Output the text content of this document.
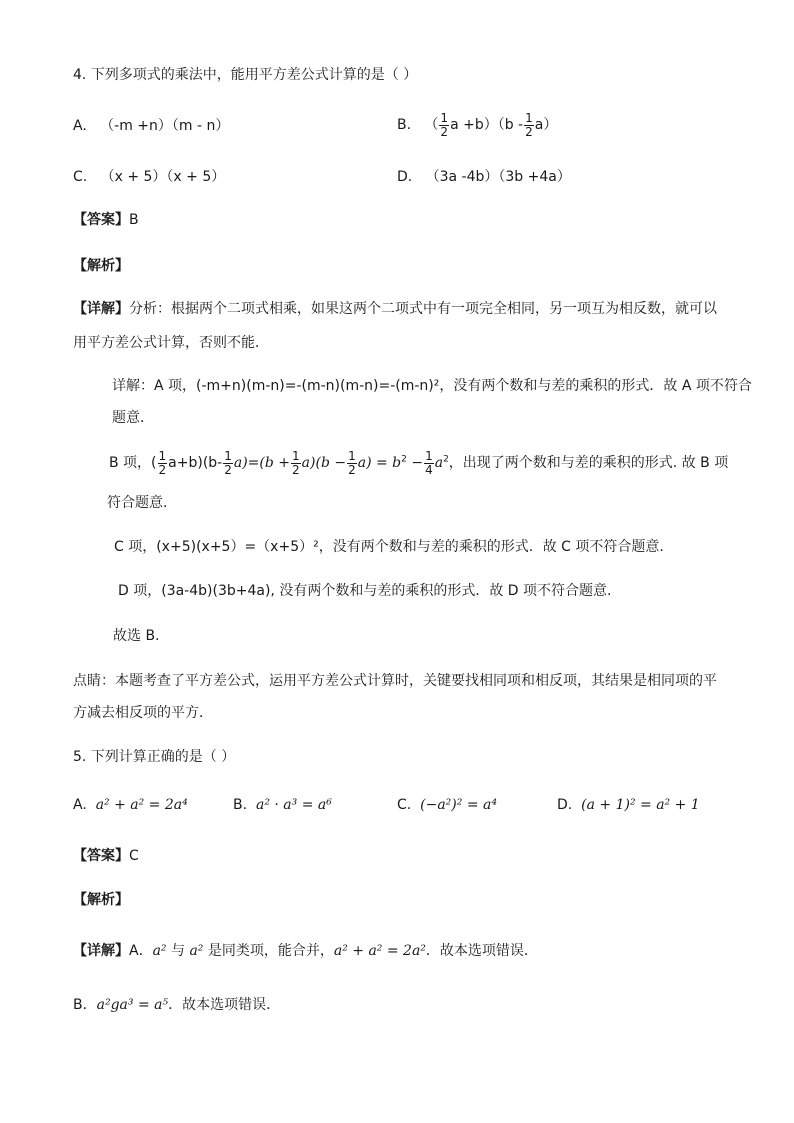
4. 下列多项式的乘法中，能用平方差公式计算的是（ ）
A. （-m +n）（m - n）	B. （ $\frac{1}{2}$ $a +b)(b - \frac{1}{2} a)$
C. （x + 5）（x + 5）	D. （3a -4b）（3b +4a）
【答案】B
【解析】
【详解】分析：根据两个二项式相乘，如果这两个二项式中有一项完全相同，另一项互为相反数，就可以
用平方差公式计算，否则不能．
详解：A 项，(-m+n)(m-n)=-(m-n)(m-n)=-(m-n)²，没有两个数和与差的乘积的形式．故 A 项不符合
题意．
B 项，( $\frac{1}{2} a+b)(b- \frac{1}{2} a)=(b + \frac{1}{2} a)(b - \frac{1}{2} a) = b^2 - \frac{1}{4} a^2$，出现了两个数和与差的乘积的形式. 故 B 项
符合题意.
C 项，(x+5)(x+5）=（x+5）²，没有两个数和与差的乘积的形式．故 C 项不符合题意.
D 项，(3a-4b)(3b+4a), 没有两个数和与差的乘积的形式．故 D 项不符合题意.
故选 B.
点睛：本题考查了平方差公式，运用平方差公式计算时，关键要找相同项和相反项，其结果是相同项的平
方减去相反项的平方．
5. 下列计算正确的是（ ）
A. a² + a² = 2a⁴	B. a² · a³ = a⁶	C. (−a²)² = a⁴	D. (a + 1)² = a² + 1
【答案】C
【解析】
【详解】A．a² 与 a² 是同类项，能合并，a² + a² = 2a²．故本选项错误．
B．a²ga³ = a⁵．故本选项错误．
